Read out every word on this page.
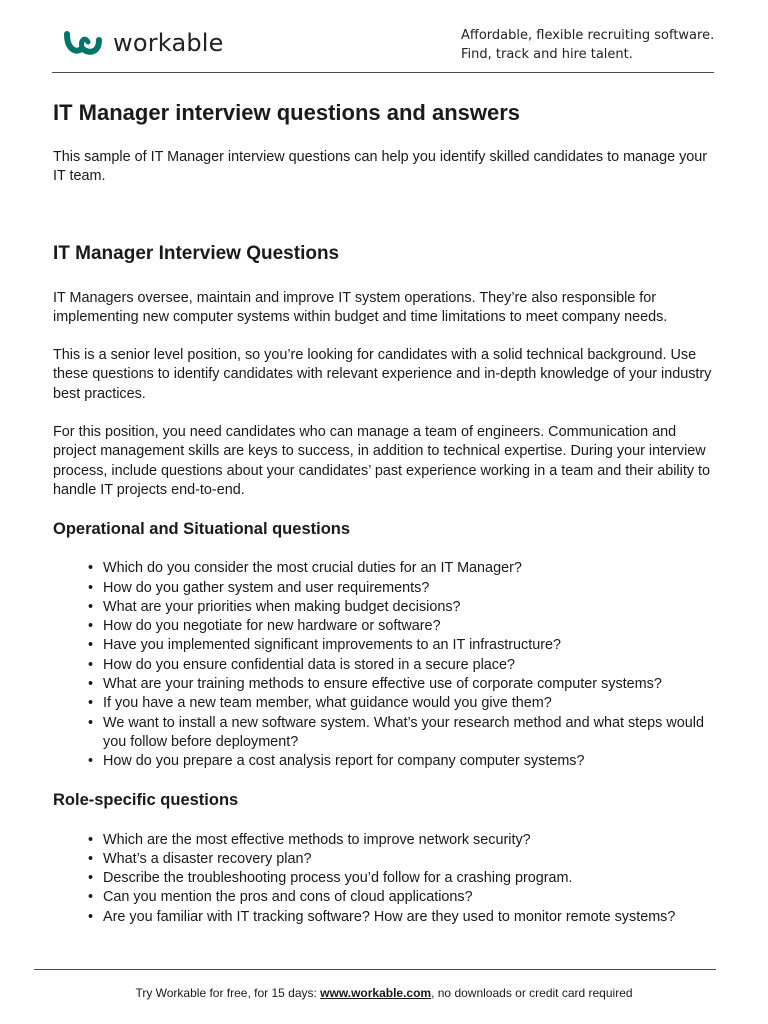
workable	Affordable, flexible recruiting software.
Find, track and hire talent.
IT Manager interview questions and answers

This sample of IT Manager interview questions can help you identify skilled candidates to manage your IT team.

IT Manager Interview Questions

IT Managers oversee, maintain and improve IT system operations. They’re also responsible for implementing new computer systems within budget and time limitations to meet company needs.

This is a senior level position, so you’re looking for candidates with a solid technical background. Use these questions to identify candidates with relevant experience and in-depth knowledge of your industry best practices.

For this position, you need candidates who can manage a team of engineers. Communication and project management skills are keys to success, in addition to technical expertise. During your interview process, include questions about your candidates’ past experience working in a team and their ability to handle IT projects end-to-end.

Operational and Situational questions
• Which do you consider the most crucial duties for an IT Manager?
• How do you gather system and user requirements?
• What are your priorities when making budget decisions?
• How do you negotiate for new hardware or software?
• Have you implemented significant improvements to an IT infrastructure?
• How do you ensure confidential data is stored in a secure place?
• What are your training methods to ensure effective use of corporate computer systems?
• If you have a new team member, what guidance would you give them?
• We want to install a new software system. What’s your research method and what steps would you follow before deployment?
• How do you prepare a cost analysis report for company computer systems?
Role-specific questions
• Which are the most effective methods to improve network security?
• What’s a disaster recovery plan?
• Describe the troubleshooting process you’d follow for a crashing program.
• Can you mention the pros and cons of cloud applications?
• Are you familiar with IT tracking software? How are they used to monitor remote systems?
Try Workable for free, for 15 days: www.workable.com, no downloads or credit card required
